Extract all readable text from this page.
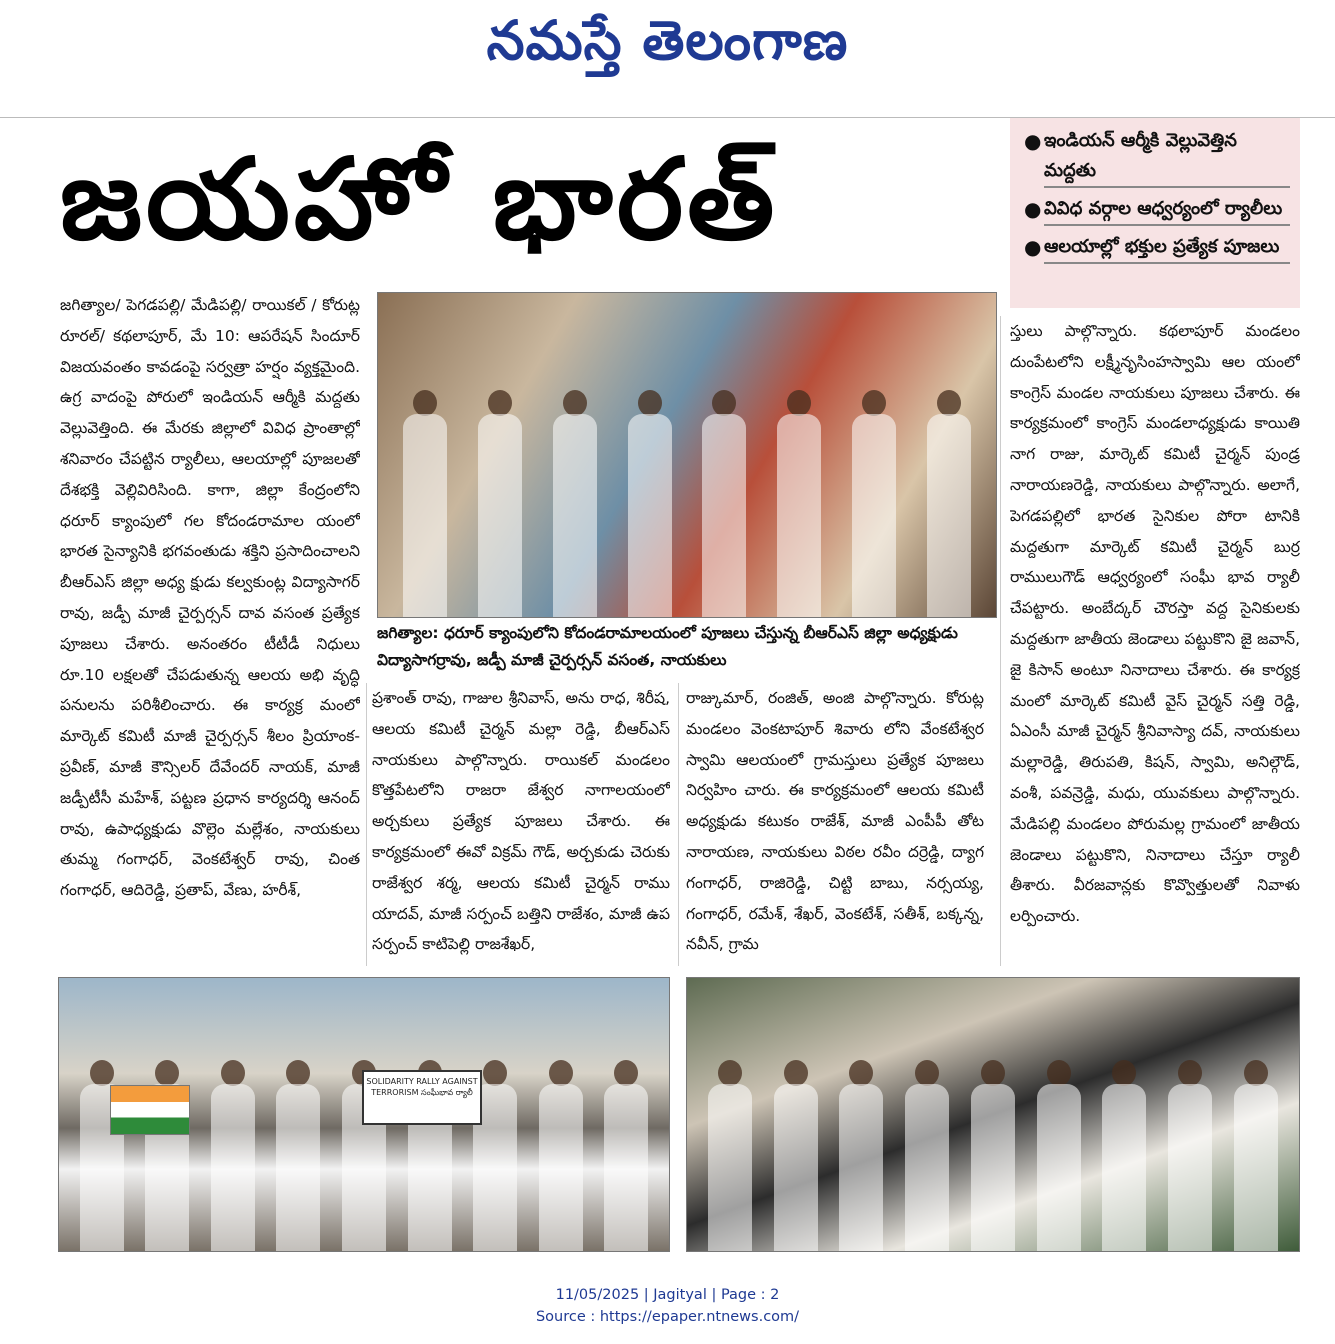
నమస్తే తెలంగాణ
జయహో భారత్	● ఇండియన్ ఆర్మీకి వెల్లువెత్తిన మద్దతు
● వివిధ వర్గాల ఆధ్వర్యంలో ర్యాలీలు
● ఆలయాల్లో భక్తుల ప్రత్యేక పూజలు
జగిత్యాల: ధరూర్ క్యాంపులోని కోదండరామాలయంలో పూజలు చేస్తున్న బీఆర్ఎస్ జిల్లా అధ్యక్షుడు విద్యాసాగర్రావు, జడ్పీ మాజీ చైర్పర్సన్ వసంత, నాయకులు
జగిత్యాల/ పెగడపల్లి/ మేడిపల్లి/ రాయికల్ / కోరుట్ల రూరల్/ కథలాపూర్, మే 10: ఆపరేషన్ సిందూర్ విజయవంతం కావడంపై సర్వత్రా హర్షం వ్యక్తమైంది. ఉగ్ర వాదంపై పోరులో ఇండియన్ ఆర్మీకి మద్దతు వెల్లువెత్తింది. ఈ మేరకు జిల్లాలో వివిధ ప్రాంతాల్లో శనివారం చేపట్టిన ర్యాలీలు, ఆలయాల్లో పూజలతో దేశభక్తి వెల్లివిరిసింది. కాగా, జిల్లా కేంద్రంలోని ధరూర్ క్యాంపులో గల కోదండరామాల యంలో భారత సైన్యానికి భగవంతుడు శక్తిని ప్రసాదించాలని బీఆర్ఎస్ జిల్లా అధ్య క్షుడు కల్వకుంట్ల విద్యాసాగర్ రావు, జడ్పీ మాజీ చైర్పర్సన్ దావ వసంత ప్రత్యేక పూజలు చేశారు. అనంతరం టీటీడీ నిధులు రూ.10 లక్షలతో చేపడుతున్న ఆలయ అభి వృద్ధి పనులను పరిశీలించారు. ఈ కార్యక్ర మంలో మార్కెట్ కమిటీ మాజీ చైర్పర్సన్ శీలం ప్రియాంక-ప్రవీణ్, మాజీ కౌన్సిలర్ దేవేందర్ నాయక్, మాజీ జడ్పీటీసీ మహేశ్, పట్టణ ప్రధాన కార్యదర్శి ఆనంద్ రావు, ఉపాధ్యక్షుడు వొల్లెం మల్లేశం, నాయకులు తుమ్మ గంగాధర్, వెంకటేశ్వర్ రావు, చింత గంగాధర్, ఆదిరెడ్డి, ప్రతాప్, వేణు, హరీశ్,
ప్రశాంత్ రావు, గాజుల శ్రీనివాస్, అను రాధ, శిరీష, ఆలయ కమిటీ చైర్మన్ మల్లా రెడ్డి, బీఆర్ఎస్ నాయకులు పాల్గొన్నారు. రాయికల్ మండలం కొత్తపేటలోని రాజరా జేశ్వర నాగాలయంలో అర్చకులు ప్రత్యేక పూజలు చేశారు. ఈ కార్యక్రమంలో ఈవో విక్రమ్ గౌడ్, అర్చకుడు చెరుకు రాజేశ్వర శర్మ, ఆలయ కమిటీ చైర్మన్ రాము యాదవ్, మాజీ సర్పంచ్ బత్తిని రాజేశం, మాజీ ఉప సర్పంచ్ కాటిపెల్లి రాజశేఖర్,
రాజ్కుమార్, రంజిత్, అంజి పాల్గొన్నారు. కోరుట్ల మండలం వెంకటాపూర్ శివారు లోని వేంకటేశ్వర స్వామి ఆలయంలో గ్రామస్తులు ప్రత్యేక పూజలు నిర్వహిం చారు. ఈ కార్యక్రమంలో ఆలయ కమిటీ అధ్యక్షుడు కటుకం రాజేశ్, మాజీ ఎంపీపీ తోట నారాయణ, నాయకులు విఠల రవీం దర్రెడ్డి, ద్యాగ గంగాధర్, రాజిరెడ్డి, చిట్టి బాబు, నర్సయ్య, గంగాధర్, రమేశ్, శేఖర్, వెంకటేశ్, సతీశ్, బక్కన్న, నవీన్, గ్రామ
స్తులు పాల్గొన్నారు. కథలాపూర్ మండలం దుంపేటలోని లక్ష్మీనృసింహస్వామి ఆల యంలో కాంగ్రెస్ మండల నాయకులు పూజలు చేశారు. ఈ కార్యక్రమంలో కాంగ్రెస్ మండలాధ్యక్షుడు కాయితి నాగ రాజు, మార్కెట్ కమిటీ చైర్మన్ పుండ్ర నారాయణరెడ్డి, నాయకులు పాల్గొన్నారు. అలాగే, పెగడపల్లిలో భారత సైనికుల పోరా టానికి మద్దతుగా మార్కెట్ కమిటీ చైర్మన్ బుర్ర రాములుగౌడ్ ఆధ్వర్యంలో సంఘీ భావ ర్యాలీ చేపట్టారు. అంబేద్కర్ చౌరస్తా వద్ద సైనికులకు మద్దతుగా జాతీయ జెండాలు పట్టుకొని జై జవాన్, జై కిసాన్ అంటూ నినాదాలు చేశారు. ఈ కార్యక్ర మంలో మార్కెట్ కమిటీ వైస్ చైర్మన్ సత్తి రెడ్డి, ఏఎంసీ మాజీ చైర్మన్ శ్రీనివాస్యా దవ్, నాయకులు మల్లారెడ్డి, తిరుపతి, కిషన్, స్వామి, అనిల్గౌడ్, వంశీ, పవన్రెడ్డి, మధు, యువకులు పాల్గొన్నారు. మేడిపల్లి మండలం పోరుమల్ల గ్రామంలో జాతీయ జెండాలు పట్టుకొని, నినాదాలు చేస్తూ ర్యాలీ తీశారు. వీరజవాన్లకు కొవ్వొత్తులతో నివాళు లర్పించారు.
SOLIDARITY RALLY AGAINST TERRORISM సంఘీభావ ర్యాలీ
11/05/2025 | Jagityal | Page : 2
Source : https://epaper.ntnews.com/
